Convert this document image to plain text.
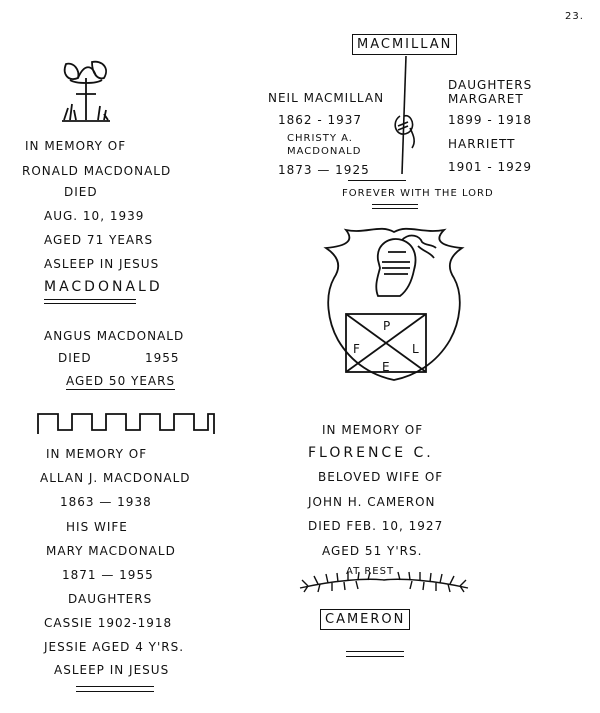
23.
IN MEMORY OF
RONALD MACDONALD
DIED
AUG. 10, 1939
AGED 71 YEARS
ASLEEP IN JESUS
MACDONALD
ANGUS MACDONALD
DIED	1955
AGED 50 YEARS
IN MEMORY OF
ALLAN J. MACDONALD
1863 — 1938
HIS WIFE
MARY MACDONALD
1871 — 1955
DAUGHTERS
CASSIE 1902-1918
JESSIE AGED 4 Y'RS.
ASLEEP IN JESUS
MACMILLAN
NEIL MACMILLAN
1862 - 1937
CHRISTY A.
MACDONALD
1873 — 1925
DAUGHTERS
MARGARET
1899 - 1918
HARRIETT
1901 - 1929
FOREVER WITH THE LORD
P
F	L
E
IN MEMORY OF
FLORENCE C.
BELOVED WIFE OF
JOHN H. CAMERON
DIED FEB. 10, 1927
AGED 51 Y'RS.
AT REST
CAMERON
